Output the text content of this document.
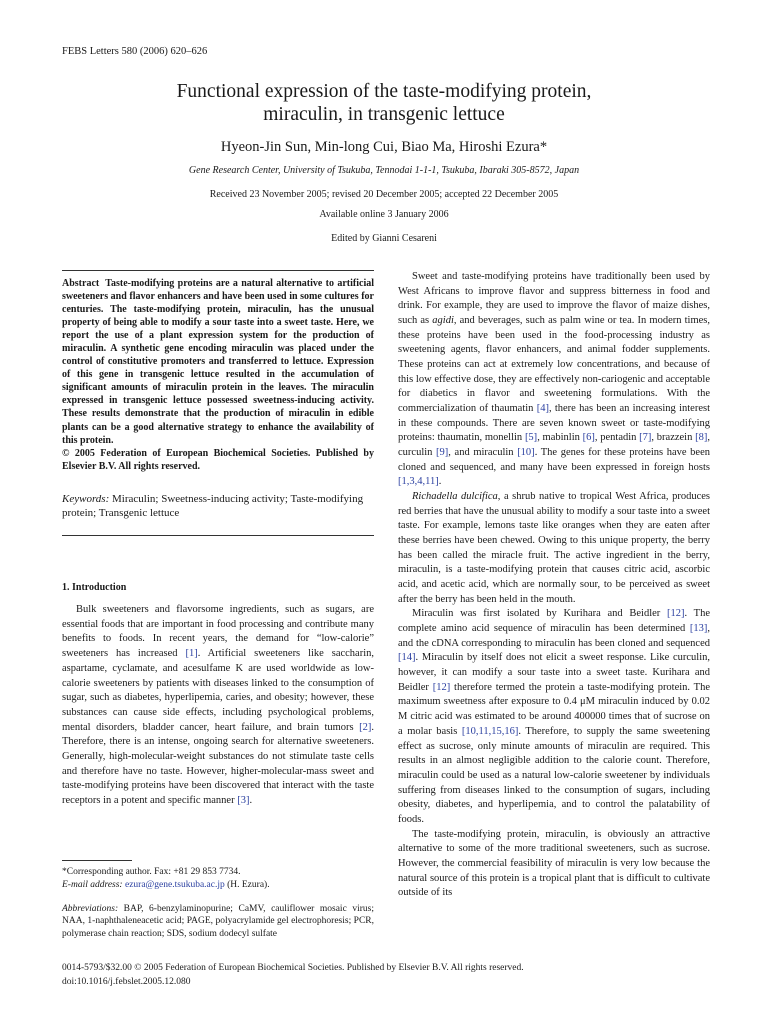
FEBS Letters 580 (2006) 620–626
Functional expression of the taste-modifying protein,
miraculin, in transgenic lettuce
Hyeon-Jin Sun, Min-long Cui, Biao Ma, Hiroshi Ezura*
Gene Research Center, University of Tsukuba, Tennodai 1-1-1, Tsukuba, Ibaraki 305-8572, Japan
Received 23 November 2005; revised 20 December 2005; accepted 22 December 2005
Available online 3 January 2006
Edited by Gianni Cesareni
Abstract Taste-modifying proteins are a natural alternative to artificial sweeteners and flavor enhancers and have been used in some cultures for centuries. The taste-modifying protein, miraculin, has the unusual property of being able to modify a sour taste into a sweet taste. Here, we report the use of a plant expression system for the production of miraculin. A synthetic gene encoding miraculin was placed under the control of constitutive promoters and transferred to lettuce. Expression of this gene in transgenic lettuce resulted in the accumulation of significant amounts of miraculin protein in the leaves. The miraculin expressed in transgenic lettuce possessed sweetness-inducing activity. These results demonstrate that the production of miraculin in edible plants can be a good alternative strategy to enhance the availability of this protein.
© 2005 Federation of European Biochemical Societies. Published by Elsevier B.V. All rights reserved.
Keywords: Miraculin; Sweetness-inducing activity; Taste-modifying protein; Transgenic lettuce
1. Introduction

Bulk sweeteners and flavorsome ingredients, such as sugars, are essential foods that are important in food processing and contribute many benefits to foods. In recent years, the demand for “low-calorie” sweeteners has increased [1]. Artificial sweeteners like saccharin, aspartame, cyclamate, and acesulfame K are used worldwide as low-calorie sweeteners by patients with diseases linked to the consumption of sugar, such as diabetes, hyperlipemia, caries, and obesity; however, these substances can cause side effects, including psychological problems, mental disorders, bladder cancer, heart failure, and brain tumors [2]. Therefore, there is an intense, ongoing search for alternative sweeteners. Generally, high-molecular-weight substances do not stimulate taste cells and therefore have no taste. However, higher-molecular-mass sweet and taste-modifying proteins have been discovered that interact with the taste receptors in a potent and specific manner [3].

Sweet and taste-modifying proteins have traditionally been used by West Africans to improve flavor and suppress bitterness in food and drink. For example, they are used to improve the flavor of maize dishes, such as agidi, and beverages, such as palm wine or tea. In modern times, these proteins have been used in the food-processing industry as sweetening agents, flavor enhancers, and animal fodder supplements. These proteins can act at extremely low concentrations, and because of this low effective dose, they are effectively non-cariogenic and acceptable for diabetics in flavor and sweetening formulations. With the commercialization of thaumatin [4], there has been an increasing interest in these compounds. There are seven known sweet or taste-modifying proteins: thaumatin, monellin [5], mabinlin [6], pentadin [7], brazzein [8], curculin [9], and miraculin [10]. The genes for these proteins have been cloned and sequenced, and many have been expressed in foreign hosts [1,3,4,11].

Richadella dulcifica, a shrub native to tropical West Africa, produces red berries that have the unusual ability to modify a sour taste into a sweet taste. For example, lemons taste like oranges when they are eaten after these berries have been chewed. Owing to this unique property, the berry has been called the miracle fruit. The active ingredient in the berry, miraculin, is a taste-modifying protein that causes citric acid, ascorbic acid, and acetic acid, which are normally sour, to be perceived as sweet after the berry has been held in the mouth.

Miraculin was first isolated by Kurihara and Beidler [12]. The complete amino acid sequence of miraculin has been determined [13], and the cDNA corresponding to miraculin has been cloned and sequenced [14]. Miraculin by itself does not elicit a sweet response. Like curculin, however, it can modify a sour taste into a sweet taste. Kurihara and Beidler [12] therefore termed the protein a taste-modifying protein. The maximum sweetness after exposure to 0.4 μM miraculin induced by 0.02 M citric acid was estimated to be around 400000 times that of sucrose on a molar basis [10,11,15,16]. Therefore, to supply the same sweetening effect as sucrose, only minute amounts of miraculin are required. This results in an almost negligible addition to the calorie count. Therefore, miraculin could be used as a natural low-calorie sweetener by individuals suffering from diseases linked to the consumption of sugars, including obesity, diabetes, and hyperlipemia, and to control the palatability of foods.

The taste-modifying protein, miraculin, is obviously an attractive alternative to some of the more traditional sweeteners, such as sucrose. However, the commercial feasibility of miraculin is very low because the natural source of this protein is a tropical plant that is difficult to cultivate outside of its

*Corresponding author. Fax: +81 29 853 7734.
E-mail address: ezura@gene.tsukuba.ac.jp (H. Ezura).
Abbreviations: BAP, 6-benzylaminopurine; CaMV, cauliflower mosaic virus; NAA, 1-naphthaleneacetic acid; PAGE, polyacrylamide gel electrophoresis; PCR, polymerase chain reaction; SDS, sodium dodecyl sulfate
0014-5793/$32.00 © 2005 Federation of European Biochemical Societies. Published by Elsevier B.V. All rights reserved.
doi:10.1016/j.febslet.2005.12.080
